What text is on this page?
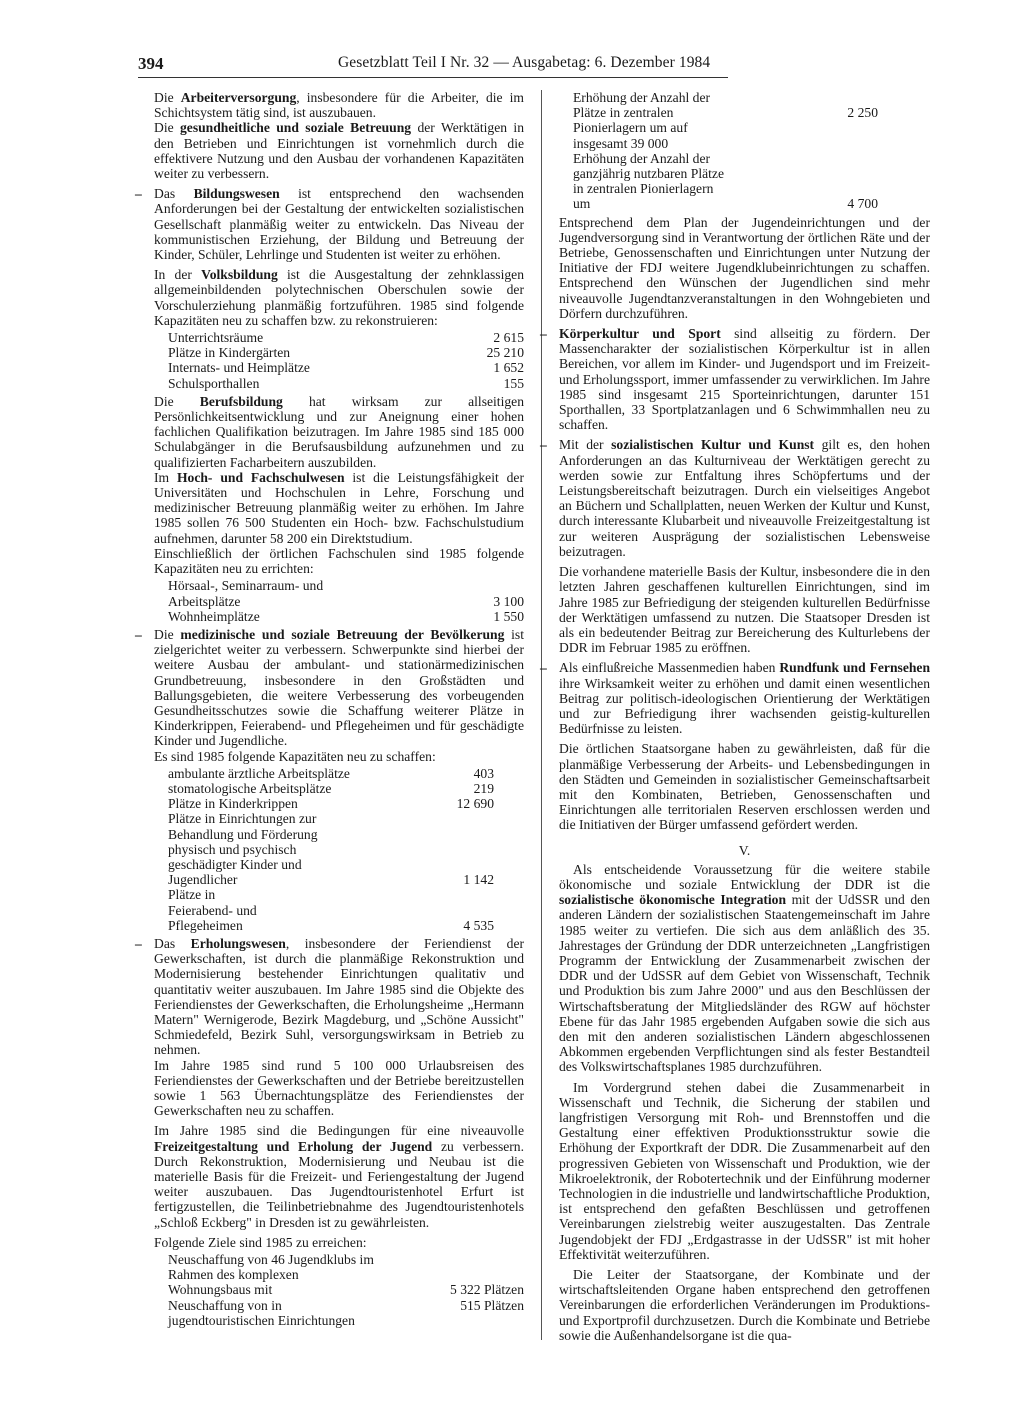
394	Gesetzblatt Teil I Nr. 32 — Ausgabetag: 6. Dezember 1984

Die Arbeiterversorgung, insbesondere für die Arbeiter, die im Schichtsystem tätig sind, ist auszubauen.

Die gesundheitliche und soziale Betreuung der Werktätigen in den Betrieben und Einrichtungen ist vornehmlich durch die effektivere Nutzung und den Ausbau der vorhandenen Kapazitäten weiter zu verbessern.

– Das Bildungswesen ist entsprechend den wachsenden Anforderungen bei der Gestaltung der entwickelten sozialistischen Gesellschaft planmäßig weiter zu entwickeln. Das Niveau der kommunistischen Erziehung, der Bildung und Betreuung der Kinder, Schüler, Lehrlinge und Studenten ist weiter zu erhöhen.

In der Volksbildung ist die Ausgestaltung der zehnklassigen allgemeinbildenden polytechnischen Oberschulen sowie der Vorschulerziehung planmäßig fortzuführen. 1985 sind folgende Kapazitäten neu zu schaffen bzw. zu rekonstruieren:

Unterrichtsräume	2 615
Plätze in Kindergärten	25 210
Internats- und Heimplätze	1 652
Schulsporthallen	155

Die Berufsbildung hat wirksam zur allseitigen Persönlichkeitsentwicklung und zur Aneignung einer hohen fachlichen Qualifikation beizutragen. Im Jahre 1985 sind 185 000 Schulabgänger in die Berufsausbildung aufzunehmen und zu qualifizierten Facharbeitern auszubilden.

Im Hoch- und Fachschulwesen ist die Leistungsfähigkeit der Universitäten und Hochschulen in Lehre, Forschung und medizinischer Betreuung planmäßig weiter zu erhöhen. Im Jahre 1985 sollen 76 500 Studenten ein Hoch- bzw. Fachschulstudium aufnehmen, darunter 58 200 ein Direktstudium.

Einschließlich der örtlichen Fachschulen sind 1985 folgende Kapazitäten neu zu errichten:

Hörsaal-, Seminarraum- und Arbeitsplätze	3 100
Wohnheimplätze	1 550

– Die medizinische und soziale Betreuung der Bevölkerung ist zielgerichtet weiter zu verbessern. Schwerpunkte sind hierbei der weitere Ausbau der ambulant- und stationärmedizinischen Grundbetreuung, insbesondere in den Großstädten und Ballungsgebieten, die weitere Verbesserung des vorbeugenden Gesundheitsschutzes sowie die Schaffung weiterer Plätze in Kinderkrippen, Feierabend- und Pflegeheimen und für geschädigte Kinder und Jugendliche.

Es sind 1985 folgende Kapazitäten neu zu schaffen:

ambulante ärztliche Arbeitsplätze	403
stomatologische Arbeitsplätze	219
Plätze in Kinderkrippen	12 690
Plätze in Einrichtungen zur Behandlung und Förderung physisch und psychisch geschädigter Kinder und Jugendlicher	1 142
Plätze in Feierabend- und Pflegeheimen	4 535

– Das Erholungswesen, insbesondere der Feriendienst der Gewerkschaften, ist durch die planmäßige Rekonstruktion und Modernisierung bestehender Einrichtungen qualitativ und quantitativ weiter auszubauen. Im Jahre 1985 sind die Objekte des Feriendienstes der Gewerkschaften, die Erholungsheime „Hermann Matern" Wernigerode, Bezirk Magdeburg, und „Schöne Aussicht" Schmiedefeld, Bezirk Suhl, versorgungswirksam in Betrieb zu nehmen.

Im Jahre 1985 sind rund 5 100 000 Urlaubsreisen des Feriendienstes der Gewerkschaften und der Betriebe bereitzustellen sowie 1 563 Übernachtungsplätze des Feriendienstes der Gewerkschaften neu zu schaffen.

Im Jahre 1985 sind die Bedingungen für eine niveauvolle Freizeitgestaltung und Erholung der Jugend zu verbessern. Durch Rekonstruktion, Modernisierung und Neubau ist die materielle Basis für die Freizeit- und Feriengestaltung der Jugend weiter auszubauen. Das Jugendtouristenhotel Erfurt ist fertigzustellen, die Teilinbetriebnahme des Jugendtouristenhotels „Schloß Eckberg" in Dresden ist zu gewährleisten.

Folgende Ziele sind 1985 zu erreichen:

Neuschaffung von 46 Jugendklubs im Rahmen des komplexen Wohnungsbaus mit	5 322 Plätzen
Neuschaffung von in jugendtouristischen Einrichtungen	515 Plätzen
Erhöhung der Anzahl der Plätze in zentralen Pionierlagern um auf insgesamt 39 000	2 250
Erhöhung der Anzahl der ganzjährig nutzbaren Plätze in zentralen Pionierlagern um	4 700

Entsprechend dem Plan der Jugendeinrichtungen und der Jugendversorgung sind in Verantwortung der örtlichen Räte und der Betriebe, Genossenschaften und Einrichtungen unter Nutzung der Initiative der FDJ weitere Jugendklubeinrichtungen zu schaffen. Entsprechend den Wünschen der Jugendlichen sind mehr niveauvolle Jugendtanzveranstaltungen in den Wohngebieten und Dörfern durchzuführen.

– Körperkultur und Sport sind allseitig zu fördern. Der Massencharakter der sozialistischen Körperkultur ist in allen Bereichen, vor allem im Kinder- und Jugendsport und im Freizeit- und Erholungssport, immer umfassender zu verwirklichen. Im Jahre 1985 sind insgesamt 215 Sporteinrichtungen, darunter 151 Sporthallen, 33 Sportplatzanlagen und 6 Schwimmhallen neu zu schaffen.

– Mit der sozialistischen Kultur und Kunst gilt es, den hohen Anforderungen an das Kulturniveau der Werktätigen gerecht zu werden sowie zur Entfaltung ihres Schöpfertums und der Leistungsbereitschaft beizutragen. Durch ein vielseitiges Angebot an Büchern und Schallplatten, neuen Werken der Kultur und Kunst, durch interessante Klubarbeit und niveauvolle Freizeitgestaltung ist zur weiteren Ausprägung der sozialistischen Lebensweise beizutragen.

Die vorhandene materielle Basis der Kultur, insbesondere die in den letzten Jahren geschaffenen kulturellen Einrichtungen, sind im Jahre 1985 zur Befriedigung der steigenden kulturellen Bedürfnisse der Werktätigen umfassend zu nutzen. Die Staatsoper Dresden ist als ein bedeutender Beitrag zur Bereicherung des Kulturlebens der DDR im Februar 1985 zu eröffnen.

– Als einflußreiche Massenmedien haben Rundfunk und Fernsehen ihre Wirksamkeit weiter zu erhöhen und damit einen wesentlichen Beitrag zur politisch-ideologischen Orientierung der Werktätigen und zur Befriedigung ihrer wachsenden geistig-kulturellen Bedürfnisse zu leisten.

Die örtlichen Staatsorgane haben zu gewährleisten, daß für die planmäßige Verbesserung der Arbeits- und Lebensbedingungen in den Städten und Gemeinden in sozialistischer Gemeinschaftsarbeit mit den Kombinaten, Betrieben, Genossenschaften und Einrichtungen alle territorialen Reserven erschlossen werden und die Initiativen der Bürger umfassend gefördert werden.

V.

Als entscheidende Voraussetzung für die weitere stabile ökonomische und soziale Entwicklung der DDR ist die sozialistische ökonomische Integration mit der UdSSR und den anderen Ländern der sozialistischen Staatengemeinschaft im Jahre 1985 weiter zu vertiefen. Die sich aus dem anläßlich des 35. Jahrestages der Gründung der DDR unterzeichneten „Langfristigen Programm der Entwicklung der Zusammenarbeit zwischen der DDR und der UdSSR auf dem Gebiet von Wissenschaft, Technik und Produktion bis zum Jahre 2000" und aus den Beschlüssen der Wirtschaftsberatung der Mitgliedsländer des RGW auf höchster Ebene für das Jahr 1985 ergebenden Aufgaben sowie die sich aus den mit den anderen sozialistischen Ländern abgeschlossenen Abkommen ergebenden Verpflichtungen sind als fester Bestandteil des Volkswirtschaftsplanes 1985 durchzuführen.

Im Vordergrund stehen dabei die Zusammenarbeit in Wissenschaft und Technik, die Sicherung der stabilen und langfristigen Versorgung mit Roh- und Brennstoffen und die Gestaltung einer effektiven Produktionsstruktur sowie die Erhöhung der Exportkraft der DDR. Die Zusammenarbeit auf den progressiven Gebieten von Wissenschaft und Produktion, wie der Mikroelektronik, der Robotertechnik und der Einführung moderner Technologien in die industrielle und landwirtschaftliche Produktion, ist entsprechend den gefaßten Beschlüssen und getroffenen Vereinbarungen zielstrebig weiter auszugestalten. Das Zentrale Jugendobjekt der FDJ „Erdgastrasse in der UdSSR" ist mit hoher Effektivität weiterzuführen.

Die Leiter der Staatsorgane, der Kombinate und der wirtschaftsleitenden Organe haben entsprechend den getroffenen Vereinbarungen die erforderlichen Veränderungen im Produktions- und Exportprofil durchzusetzen. Durch die Kombinate und Betriebe sowie die Außenhandelsorgane ist die qua-
